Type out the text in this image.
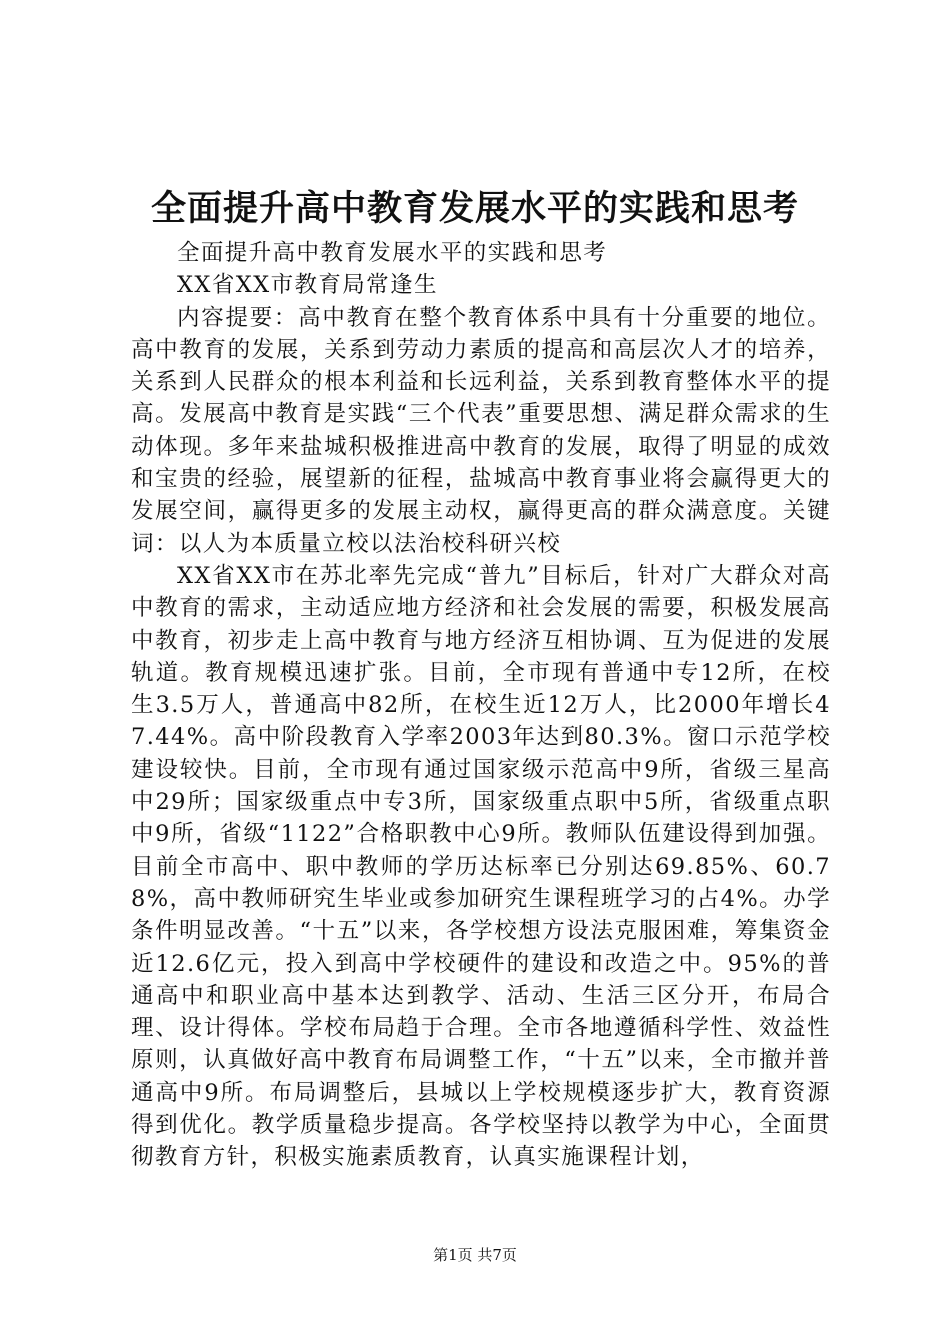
全面提升高中教育发展水平的实践和思考

全面提升高中教育发展水平的实践和思考

XX省XX市教育局常逢生

内容提要：高中教育在整个教育体系中具有十分重要的地位。高中教育的发展，关系到劳动力素质的提高和高层次人才的培养，关系到人民群众的根本利益和长远利益，关系到教育整体水平的提高。发展高中教育是实践“三个代表”重要思想、满足群众需求的生动体现。多年来盐城积极推进高中教育的发展，取得了明显的成效和宝贵的经验，展望新的征程，盐城高中教育事业将会赢得更大的发展空间，赢得更多的发展主动权，赢得更高的群众满意度。关键词：以人为本质量立校以法治校科研兴校

XX省XX市在苏北率先完成“普九”目标后，针对广大群众对高中教育的需求，主动适应地方经济和社会发展的需要，积极发展高中教育，初步走上高中教育与地方经济互相协调、互为促进的发展轨道。教育规模迅速扩张。目前，全市现有普通中专12所，在校生3.5万人，普通高中82所，在校生近12万人，比2000年增长47.44%。高中阶段教育入学率2003年达到80.3%。窗口示范学校建设较快。目前，全市现有通过国家级示范高中9所，省级三星高中29所；国家级重点中专3所，国家级重点职中5所，省级重点职中9所，省级“1122”合格职教中心9所。教师队伍建设得到加强。目前全市高中、职中教师的学历达标率已分别达69.85%、60.78%，高中教师研究生毕业或参加研究生课程班学习的占4%。办学条件明显改善。“十五”以来，各学校想方设法克服困难，筹集资金近12.6亿元，投入到高中学校硬件的建设和改造之中。95%的普通高中和职业高中基本达到教学、活动、生活三区分开，布局合理、设计得体。学校布局趋于合理。全市各地遵循科学性、效益性原则，认真做好高中教育布局调整工作，“十五”以来，全市撤并普通高中9所。布局调整后，县城以上学校规模逐步扩大，教育资源得到优化。教学质量稳步提高。各学校坚持以教学为中心，全面贯彻教育方针，积极实施素质教育，认真实施课程计划，

第1页 共7页
